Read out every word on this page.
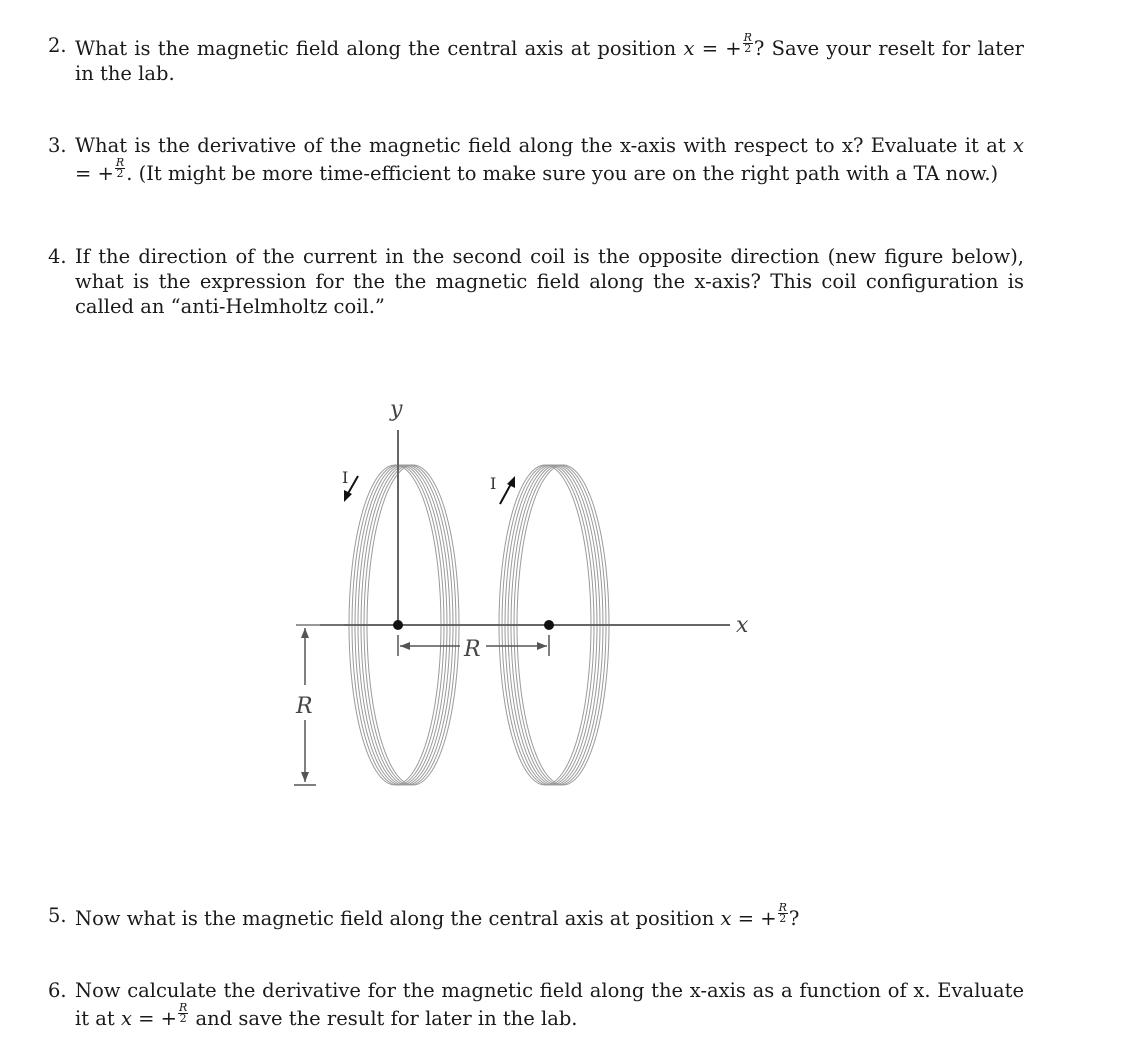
2. What is the magnetic field along the central axis at position x = + $\frac{R}{2}$ ? Save your reselt for later in the lab.
3. What is the derivative of the magnetic field along the x-axis with respect to x? Evaluate it at x = + $\frac{R}{2}$ . (It might be more time-efficient to make sure you are on the right path with a TA now.)
4. If the direction of the current in the second coil is the opposite direction (new figure below), what is the expression for the the magnetic field along the x-axis? This coil configuration is called an “anti-Helmholtz coil.”
y
x
R
R
I	I
5. Now what is the magnetic field along the central axis at position x = + $\frac{R}{2}$ ?
6. Now calculate the derivative for the magnetic field along the x-axis as a function of x. Evaluate it at x = + $\frac{R}{2}$ and save the result for later in the lab.
